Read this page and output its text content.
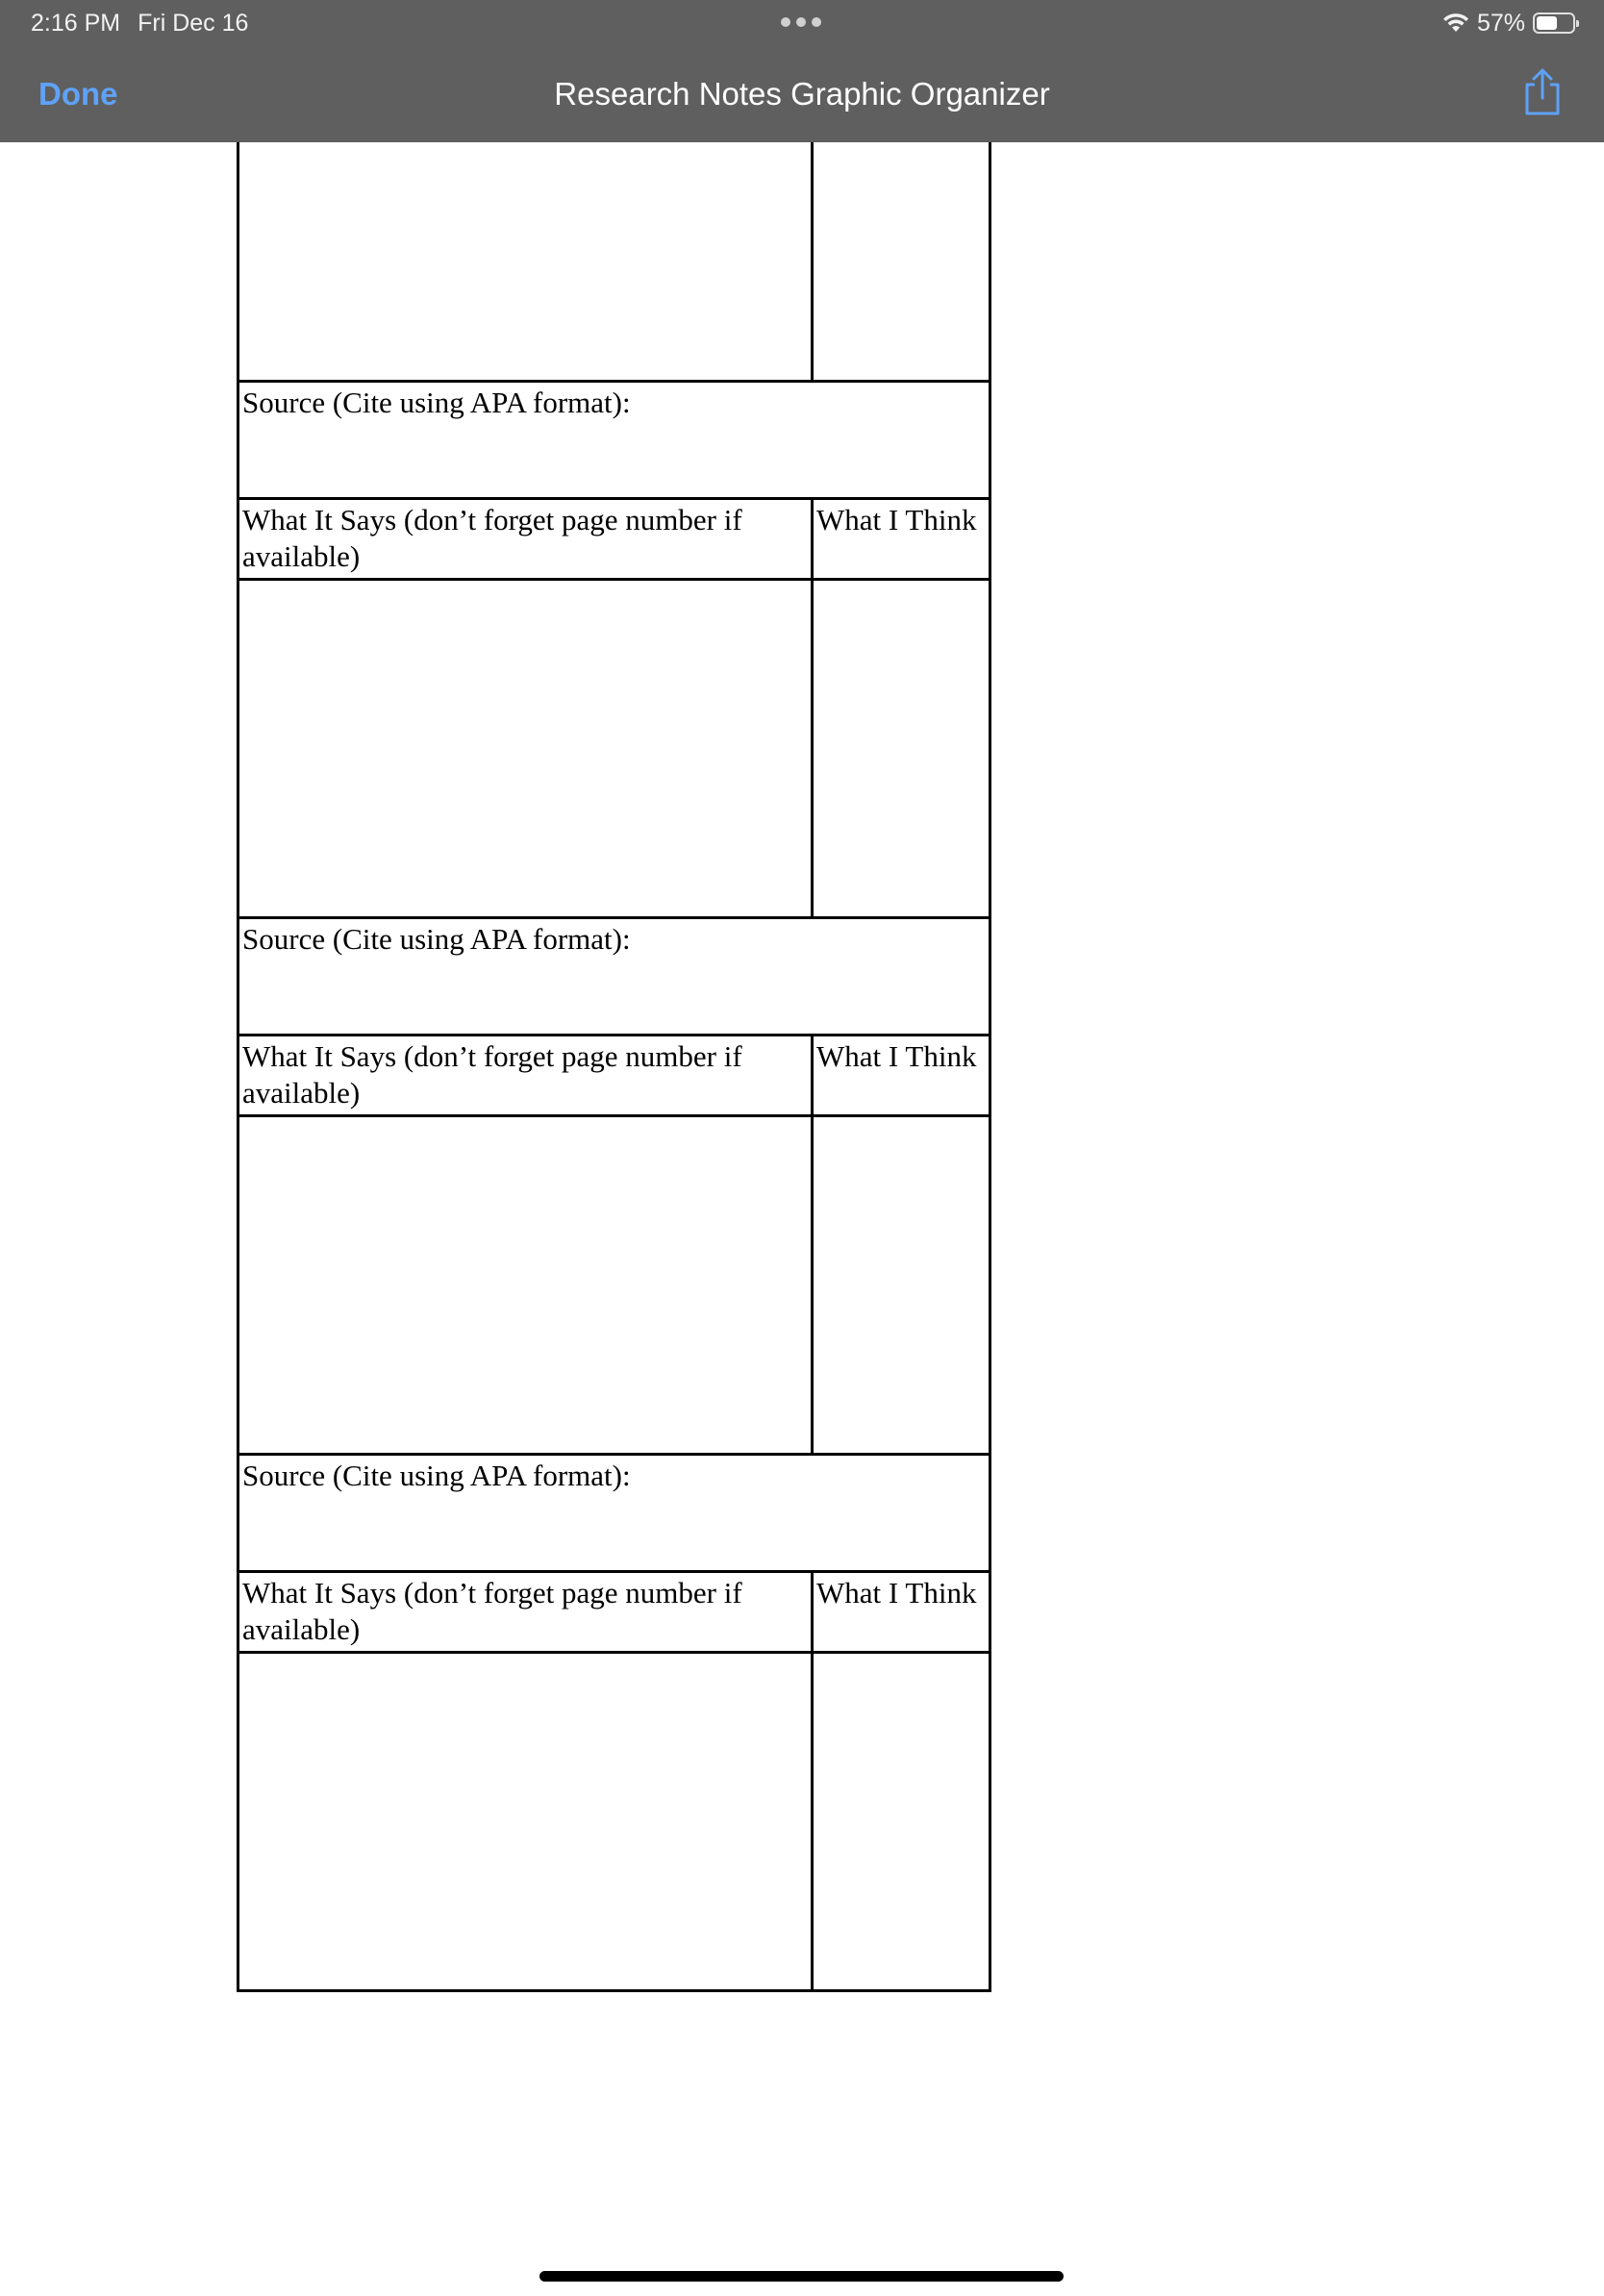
2:16 PM Fri Dec 16	57%
Done	Research Notes Graphic Organizer

Source (Cite using APA format):	
What It Says (don’t forget page number if available)	What I Think

Source (Cite using APA format):	
What It Says (don’t forget page number if available)	What I Think

Source (Cite using APA format):	
What It Says (don’t forget page number if available)	What I Think
